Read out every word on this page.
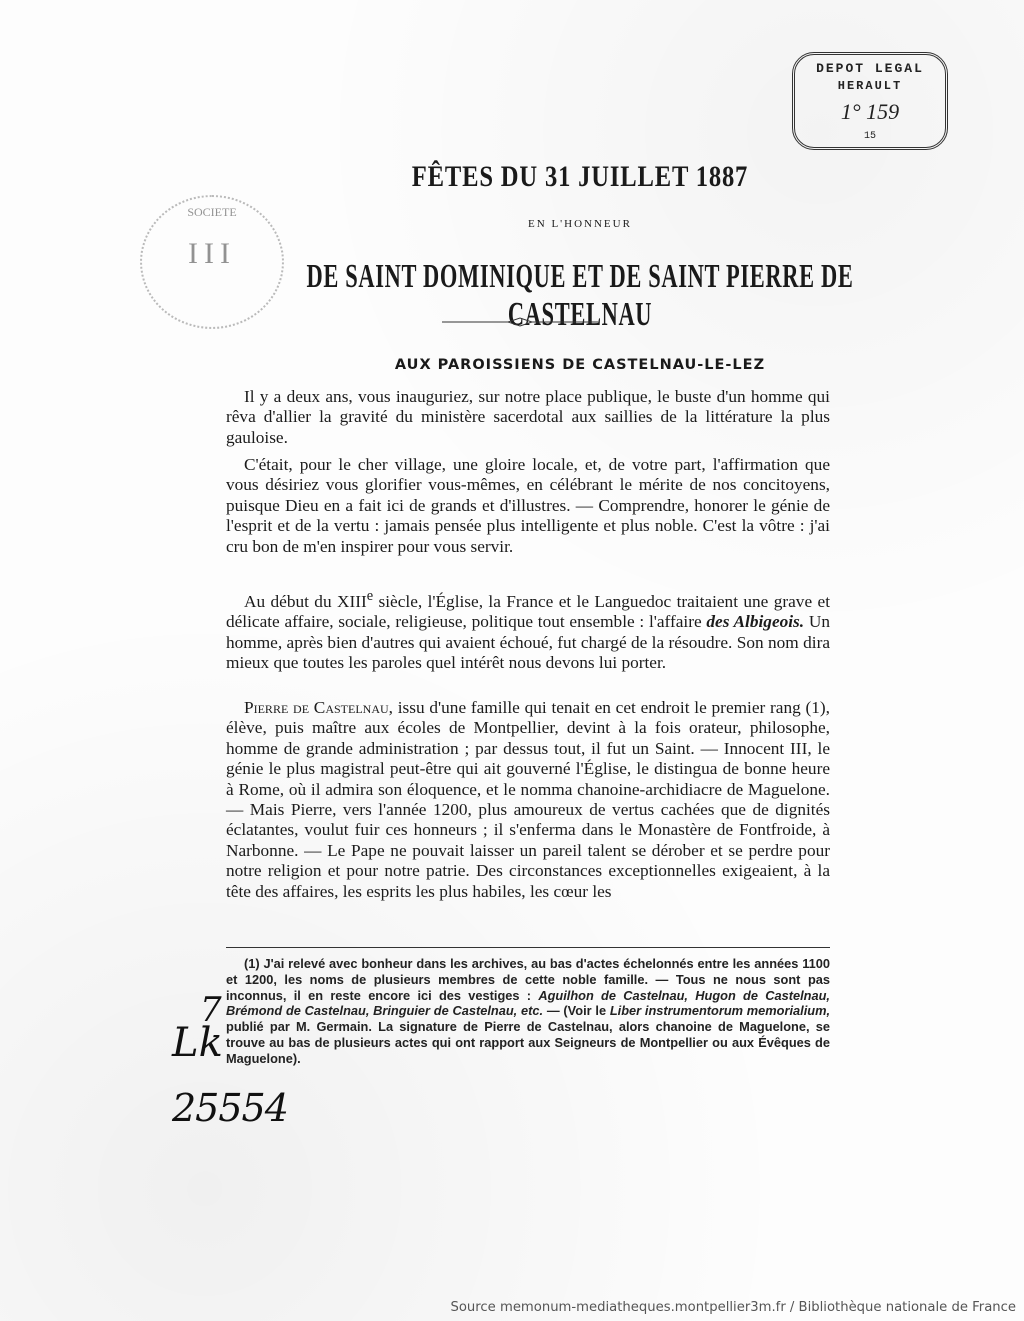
DEPOT LEGAL
HERAULT
1° 159
15
SOCIETE
III
FÊTES DU 31 JUILLET 1887
EN L'HONNEUR
DE SAINT DOMINIQUE ET DE SAINT PIERRE DE CASTELNAU
AUX PAROISSIENS DE CASTELNAU-LE-LEZ

Il y a deux ans, vous inauguriez, sur notre place publique, le buste d'un homme qui rêva d'allier la gravité du ministère sacerdotal aux saillies de la littérature la plus gauloise.

C'était, pour le cher village, une gloire locale, et, de votre part, l'affirmation que vous désiriez vous glorifier vous-mêmes, en célébrant le mérite de nos concitoyens, puisque Dieu en a fait ici de grands et d'illustres. — Comprendre, honorer le génie de l'esprit et de la vertu : jamais pensée plus intelligente et plus noble. C'est la vôtre : j'ai cru bon de m'en inspirer pour vous servir.

Au début du XIIIe siècle, l'Église, la France et le Languedoc traitaient une grave et délicate affaire, sociale, religieuse, politique tout ensemble : l'affaire des Albigeois. Un homme, après bien d'autres qui avaient échoué, fut chargé de la résoudre. Son nom dira mieux que toutes les paroles quel intérêt nous devons lui porter.

Pierre de Castelnau, issu d'une famille qui tenait en cet endroit le premier rang (1), élève, puis maître aux écoles de Montpellier, devint à la fois orateur, philosophe, homme de grande administration ; par dessus tout, il fut un Saint. — Innocent III, le génie le plus magistral peut-être qui ait gouverné l'Église, le distingua de bonne heure à Rome, où il admira son éloquence, et le nomma chanoine-archidiacre de Maguelone. — Mais Pierre, vers l'année 1200, plus amoureux de vertus cachées que de dignités éclatantes, voulut fuir ces honneurs ; il s'enferma dans le Monastère de Fontfroide, à Narbonne. — Le Pape ne pouvait laisser un pareil talent se dérober et se perdre pour notre religion et pour notre patrie. Des circonstances exceptionnelles exigeaient, à la tête des affaires, les esprits les plus habiles, les cœur les

(1) J'ai relevé avec bonheur dans les archives, au bas d'actes échelonnés entre les années 1100 et 1200, les noms de plusieurs membres de cette noble famille. — Tous ne nous sont pas inconnus, il en reste encore ici des vestiges : Aguilhon de Castelnau, Hugon de Castelnau, Brémond de Castelnau, Bringuier de Castelnau, etc. — (Voir le Liber instrumentorum memorialium, publié par M. Germain. La signature de Pierre de Castelnau, alors chanoine de Maguelone, se trouve au bas de plusieurs actes qui ont rapport aux Seigneurs de Montpellier ou aux Évêques de Maguelone).

7
Lk
25554
Source memonum-mediatheques.montpellier3m.fr / Bibliothèque nationale de France
